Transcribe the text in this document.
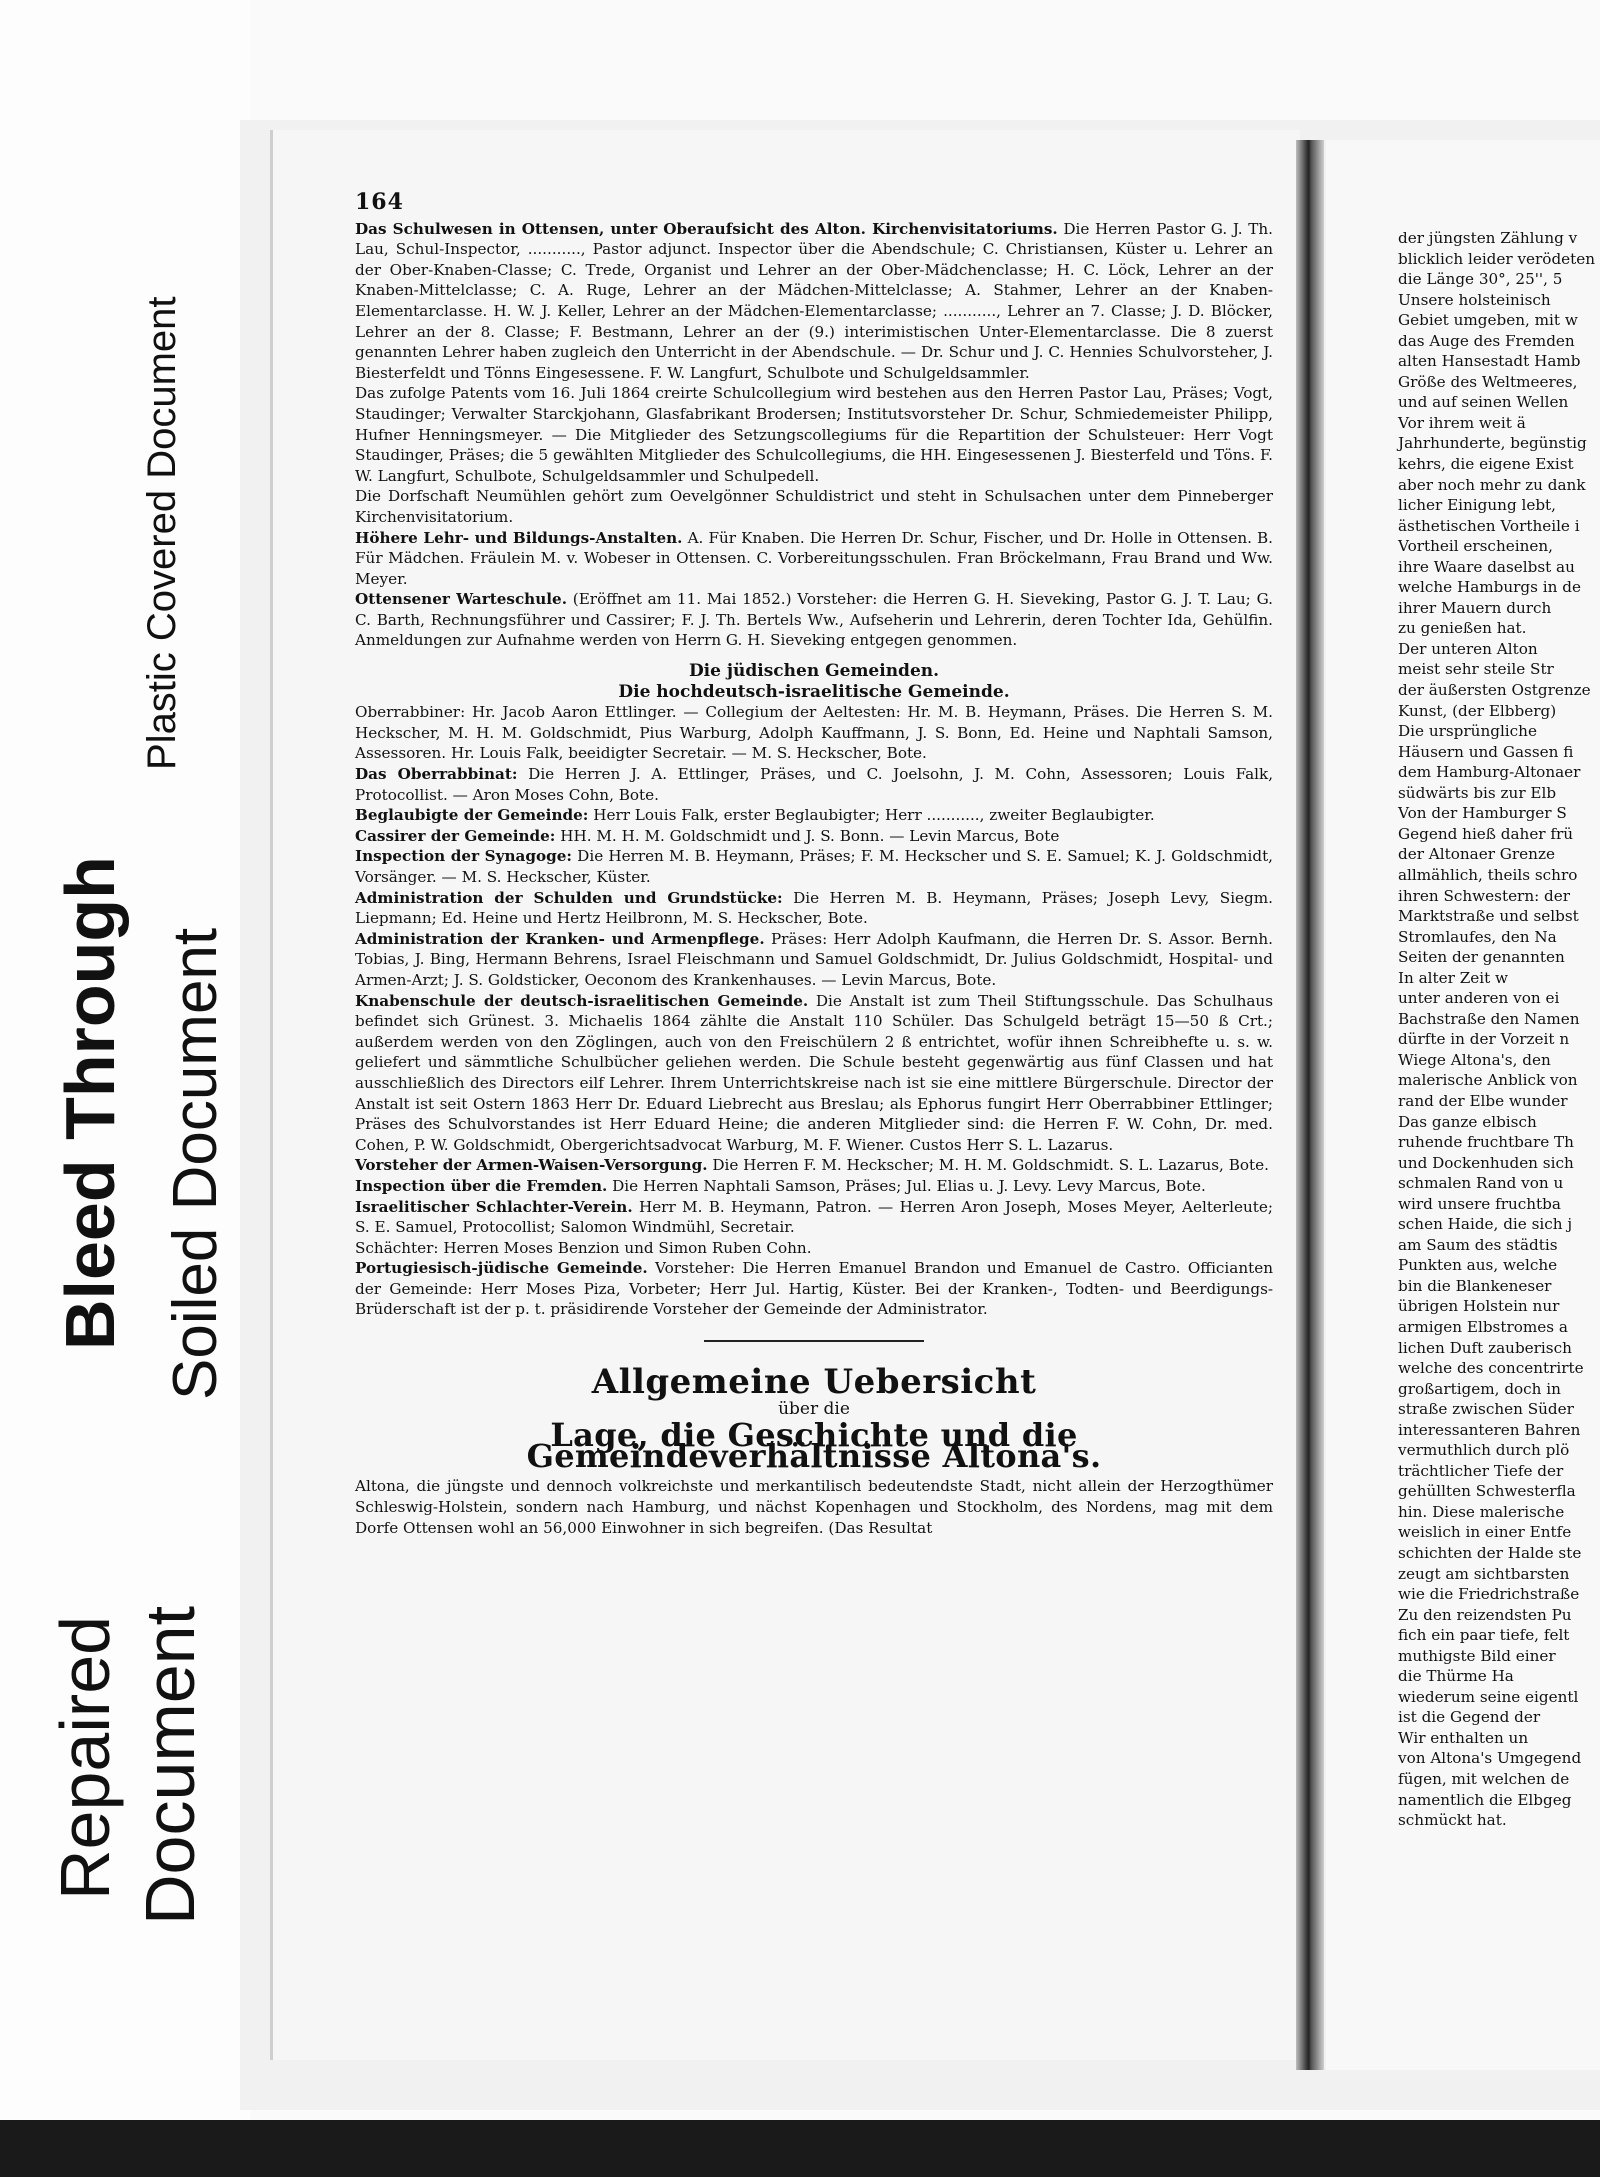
Plastic Covered Document
Bleed Through Soiled Document
Repaired Document
164
Das Schulwesen in Ottensen, unter Oberaufsicht des Alton. Kirchenvisitatoriums. Die Herren Pastor G. J. Th. Lau, Schul-Inspector, ..........., Pastor adjunct. Inspector über die Abendschule; C. Christiansen, Küster u. Lehrer an der Ober-Knaben-Classe; C. Trede, Organist und Lehrer an der Ober-Mädchenclasse; H. C. Löck, Lehrer an der Knaben-Mittelclasse; C. A. Ruge, Lehrer an der Mädchen-Mittelclasse; A. Stahmer, Lehrer an der Knaben-Elementarclasse. H. W. J. Keller, Lehrer an der Mädchen-Elementarclasse; ..........., Lehrer an 7. Classe; J. D. Blöcker, Lehrer an der 8. Classe; F. Bestmann, Lehrer an der (9.) interimistischen Unter-Elementarclasse. Die 8 zuerst genannten Lehrer haben zugleich den Unterricht in der Abendschule. — Dr. Schur und J. C. Hennies Schulvorsteher, J. Biesterfeldt und Tönns Eingesessene. F. W. Langfurt, Schulbote und Schulgeldsammler.
Das zufolge Patents vom 16. Juli 1864 creirte Schulcollegium wird bestehen aus den Herren Pastor Lau, Präses; Vogt, Staudinger; Verwalter Starckjohann, Glasfabrikant Brodersen; Institutsvorsteher Dr. Schur, Schmiedemeister Philipp, Hufner Henningsmeyer. — Die Mitglieder des Setzungscollegiums für die Repartition der Schulsteuer: Herr Vogt Staudinger, Präses; die 5 gewählten Mitglieder des Schulcollegiums, die HH. Eingesessenen J. Biesterfeld und Töns. F. W. Langfurt, Schulbote, Schulgeldsammler und Schulpedell.
Die Dorfschaft Neumühlen gehört zum Oevelgönner Schuldistrict und steht in Schulsachen unter dem Pinneberger Kirchenvisitatorium.
Höhere Lehr- und Bildungs-Anstalten. A. Für Knaben. Die Herren Dr. Schur, Fischer, und Dr. Holle in Ottensen. B. Für Mädchen. Fräulein M. v. Wobeser in Ottensen. C. Vorbereitungsschulen. Fran Bröckelmann, Frau Brand und Ww. Meyer.
Ottensener Warteschule. (Eröffnet am 11. Mai 1852.) Vorsteher: die Herren G. H. Sieveking, Pastor G. J. T. Lau; G. C. Barth, Rechnungsführer und Cassirer; F. J. Th. Bertels Ww., Aufseherin und Lehrerin, deren Tochter Ida, Gehülfin. Anmeldungen zur Aufnahme werden von Herrn G. H. Sieveking entgegen genommen.
Die jüdischen Gemeinden.
Die hochdeutsch-israelitische Gemeinde.
Oberrabbiner: Hr. Jacob Aaron Ettlinger. — Collegium der Aeltesten: Hr. M. B. Heymann, Präses. Die Herren S. M. Heckscher, M. H. M. Goldschmidt, Pius Warburg, Adolph Kauffmann, J. S. Bonn, Ed. Heine und Naphtali Samson, Assessoren. Hr. Louis Falk, beeidigter Secretair. — M. S. Heckscher, Bote.
Das Oberrabbinat: Die Herren J. A. Ettlinger, Präses, und C. Joelsohn, J. M. Cohn, Assessoren; Louis Falk, Protocollist. — Aron Moses Cohn, Bote.
Beglaubigte der Gemeinde: Herr Louis Falk, erster Beglaubigter; Herr ..........., zweiter Beglaubigter.
Cassirer der Gemeinde: HH. M. H. M. Goldschmidt und J. S. Bonn. — Levin Marcus, Bote
Inspection der Synagoge: Die Herren M. B. Heymann, Präses; F. M. Heckscher und S. E. Samuel; K. J. Goldschmidt, Vorsänger. — M. S. Heckscher, Küster.
Administration der Schulden und Grundstücke: Die Herren M. B. Heymann, Präses; Joseph Levy, Siegm. Liepmann; Ed. Heine und Hertz Heilbronn, M. S. Heckscher, Bote.
Administration der Kranken- und Armenpflege. Präses: Herr Adolph Kaufmann, die Herren Dr. S. Assor. Bernh. Tobias, J. Bing, Hermann Behrens, Israel Fleischmann und Samuel Goldschmidt, Dr. Julius Goldschmidt, Hospital- und Armen-Arzt; J. S. Goldsticker, Oeconom des Krankenhauses. — Levin Marcus, Bote.
Knabenschule der deutsch-israelitischen Gemeinde. Die Anstalt ist zum Theil Stiftungsschule. Das Schulhaus befindet sich Grünest. 3. Michaelis 1864 zählte die Anstalt 110 Schüler. Das Schulgeld beträgt 15—50 ß Crt.; außerdem werden von den Zöglingen, auch von den Freischülern 2 ß entrichtet, wofür ihnen Schreibhefte u. s. w. geliefert und sämmtliche Schulbücher geliehen werden. Die Schule besteht gegenwärtig aus fünf Classen und hat ausschließlich des Directors eilf Lehrer. Ihrem Unterrichtskreise nach ist sie eine mittlere Bürgerschule. Director der Anstalt ist seit Ostern 1863 Herr Dr. Eduard Liebrecht aus Breslau; als Ephorus fungirt Herr Oberrabbiner Ettlinger; Präses des Schulvorstandes ist Herr Eduard Heine; die anderen Mitglieder sind: die Herren F. W. Cohn, Dr. med. Cohen, P. W. Goldschmidt, Obergerichtsadvocat Warburg, M. F. Wiener. Custos Herr S. L. Lazarus.
Vorsteher der Armen-Waisen-Versorgung. Die Herren F. M. Heckscher; M. H. M. Goldschmidt. S. L. Lazarus, Bote.
Inspection über die Fremden. Die Herren Naphtali Samson, Präses; Jul. Elias u. J. Levy. Levy Marcus, Bote.
Israelitischer Schlachter-Verein. Herr M. B. Heymann, Patron. — Herren Aron Joseph, Moses Meyer, Aelterleute; S. E. Samuel, Protocollist; Salomon Windmühl, Secretair.
Schächter: Herren Moses Benzion und Simon Ruben Cohn.
Portugiesisch-jüdische Gemeinde. Vorsteher: Die Herren Emanuel Brandon und Emanuel de Castro. Officianten der Gemeinde: Herr Moses Piza, Vorbeter; Herr Jul. Hartig, Küster. Bei der Kranken-, Todten- und Beerdigungs-Brüderschaft ist der p. t. präsidirende Vorsteher der Gemeinde der Administrator.
Allgemeine Uebersicht
über die
Lage, die Geschichte und die Gemeindeverhältnisse Altona's.
Altona, die jüngste und dennoch volkreichste und merkantilisch bedeutendste Stadt, nicht allein der Herzogthümer Schleswig-Holstein, sondern nach Hamburg, und nächst Kopenhagen und Stockholm, des Nordens, mag mit dem Dorfe Ottensen wohl an 56,000 Einwohner in sich begreifen. (Das Resultat
der jüngsten Zählung v
blicklich leider verödeten
die Länge 30°, 25'', 5
Unsere holsteinisch
Gebiet umgeben, mit w
das Auge des Fremden
alten Hansestadt Hamb
Größe des Weltmeeres,
und auf seinen Wellen
Vor ihrem weit ä
Jahrhunderte, begünstig
kehrs, die eigene Exist
aber noch mehr zu dank
licher Einigung lebt,
ästhetischen Vortheile i
Vortheil erscheinen,
ihre Waare daselbst au
welche Hamburgs in de
ihrer Mauern durch
zu genießen hat.
Der unteren Alton
meist sehr steile Str
der äußersten Ostgrenze
Kunst, (der Elbberg)
Die ursprüngliche
Häusern und Gassen fi
dem Hamburg-Altonaer
südwärts bis zur Elb
Von der Hamburger S
Gegend hieß daher frü
der Altonaer Grenze
allmählich, theils schro
ihren Schwestern: der
Marktstraße und selbst
Stromlaufes, den Na
Seiten der genannten
In alter Zeit w
unter anderen von ei
Bachstraße den Namen
dürfte in der Vorzeit n
Wiege Altona's, den
malerische Anblick von
rand der Elbe wunder
Das ganze elbisch
ruhende fruchtbare Th
und Dockenhuden sich
schmalen Rand von u
wird unsere fruchtba
schen Haide, die sich j
am Saum des städtis
Punkten aus, welche
bin die Blankeneser
übrigen Holstein nur
armigen Elbstromes a
lichen Duft zauberisch
welche des concentrirte
großartigem, doch in
straße zwischen Süder
interessanteren Bahren
vermuthlich durch plö
trächtlicher Tiefe der
gehüllten Schwesterfla
hin. Diese malerische
weislich in einer Entfe
schichten der Halde ste
zeugt am sichtbarsten
wie die Friedrichstraße
Zu den reizendsten Pu
fich ein paar tiefe, felt
muthigste Bild einer
die Thürme Ha
wiederum seine eigentl
ist die Gegend der
Wir enthalten un
von Altona's Umgegend
fügen, mit welchen de
namentlich die Elbgeg
schmückt hat.
